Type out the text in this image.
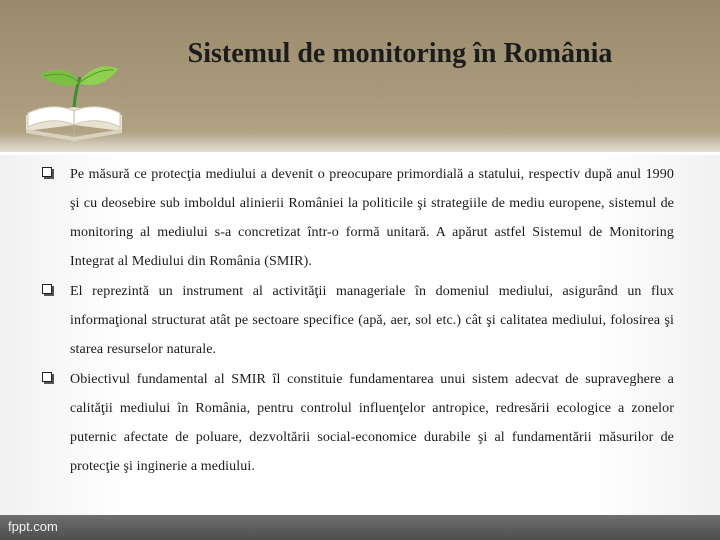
Sistemul de monitoring în România
Pe măsură ce protecţia mediului a devenit o preocupare primordială a statului, respectiv după anul 1990 şi cu deosebire sub imboldul alinierii României la politicile şi strategiile de mediu europene, sistemul de monitoring al mediului s-a concretizat într-o formă unitară. A apărut astfel Sistemul de Monitoring Integrat al Mediului din România (SMIR).
El reprezintă un instrument al activităţii manageriale în domeniul mediului, asigurând un flux informaţional structurat atât pe sectoare specifice (apă, aer, sol etc.) cât şi calitatea mediului, folosirea şi starea resurselor naturale.
Obiectivul fundamental al SMIR îl constituie fundamentarea unui sistem adecvat de supraveghere a calităţii mediului în România, pentru controlul influenţelor antropice, redresării ecologice a zonelor puternic afectate de poluare, dezvoltării social‑economice durabile şi al fundamentării măsurilor de protecţie şi inginerie a mediului.
fppt.com
